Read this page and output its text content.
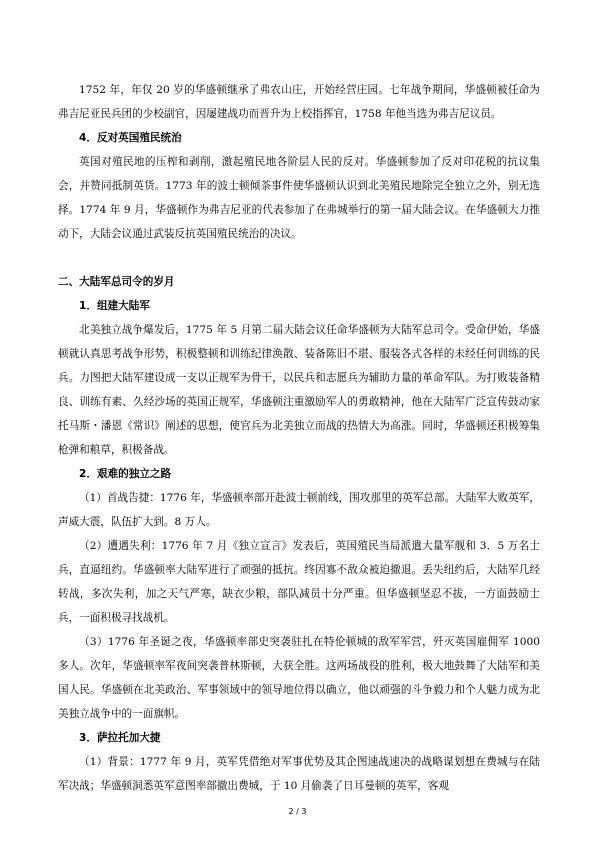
1752 年，年仅 20 岁的华盛顿继承了弗农山庄，开始经营庄园。七年战争期间，华盛顿被任命为弗吉尼亚民兵团的少校副官，因屡建战功而晋升为上校指挥官，1758 年他当选为弗吉尼议员。

4．反对英国殖民统治

英国对殖民地的压榨和剥削，激起殖民地各阶层人民的反对。华盛顿参加了反对印花税的抗议集会，并赞同抵制英货。1773 年的波士顿倾茶事件使华盛顿认识到北美殖民地除完全独立之外，别无选择。1774 年 9 月，华盛顿作为弗吉尼亚的代表参加了在弗城举行的第一届大陆会议。在华盛顿大力推动下，大陆会议通过武装反抗英国殖民统治的决议。

二、大陆军总司令的岁月

1．组建大陆军

北美独立战争爆发后，1775 年 5 月第二届大陆会议任命华盛顿为大陆军总司令。受命伊始，华盛顿就认真思考战争形势，积极整顿和训练纪律涣散、装备陈旧不堪、服装各式各样的未经任何训练的民兵。力图把大陆军建设成一支以正规军为骨干，以民兵和志愿兵为辅助力量的革命军队。为打败装备精良、训练有素、久经沙场的英国正规军，华盛顿注重激励军人的勇敢精神，他在大陆军广泛宣传鼓动家托马斯・潘恩《常识》阐述的思想，使官兵为北美独立而战的热情大为高涨。同时，华盛顿还积极筹集枪弹和粮草，积极备战。

2．艰难的独立之路

（1）首战告捷：1776 年，华盛顿率部开赴波士顿前线，围攻那里的英军总部。大陆军大败英军，声威大震，队伍扩大到。8 万人。

（2）遭遇失利：1776 年 7 月《独立宣言》发表后，英国殖民当局派遣大量军舰和 3．5 万名士兵，直逼纽约。华盛顿率大陆军进行了顽强的抵抗。终因寡不敌众被迫撤退。丢失纽约后，大陆军几经转战，多次失利，加之天气严寒，缺衣少粮，部队减员十分严重。但华盛顿坚忍不拔，一方面鼓励士兵，一面积极寻找战机。

（3）1776 年圣诞之夜，华盛顿率部史突袭驻扎在特伦顿城的敌军军营，歼灭英国雇佣军 1000 多人。次年，华盛顿率军夜间突袭普林斯顿，大获全胜。这两场战役的胜利，极大地鼓舞了大陆军和美国人民。华盛顿在北美政治、军事领域中的领导地位得以确立，他以顽强的斗争毅力和个人魅力成为北美独立战争中的一面旗帜。

3．萨拉托加大捷

（1）背景：1777 年 9 月，英军凭借绝对军事优势及其企图速战速决的战略谋划想在费城与在陆军决战；华盛顿洞悉英军意图率部撤出费城，于 10 月偷袭了日耳曼顿的英军，客观

2 / 3
